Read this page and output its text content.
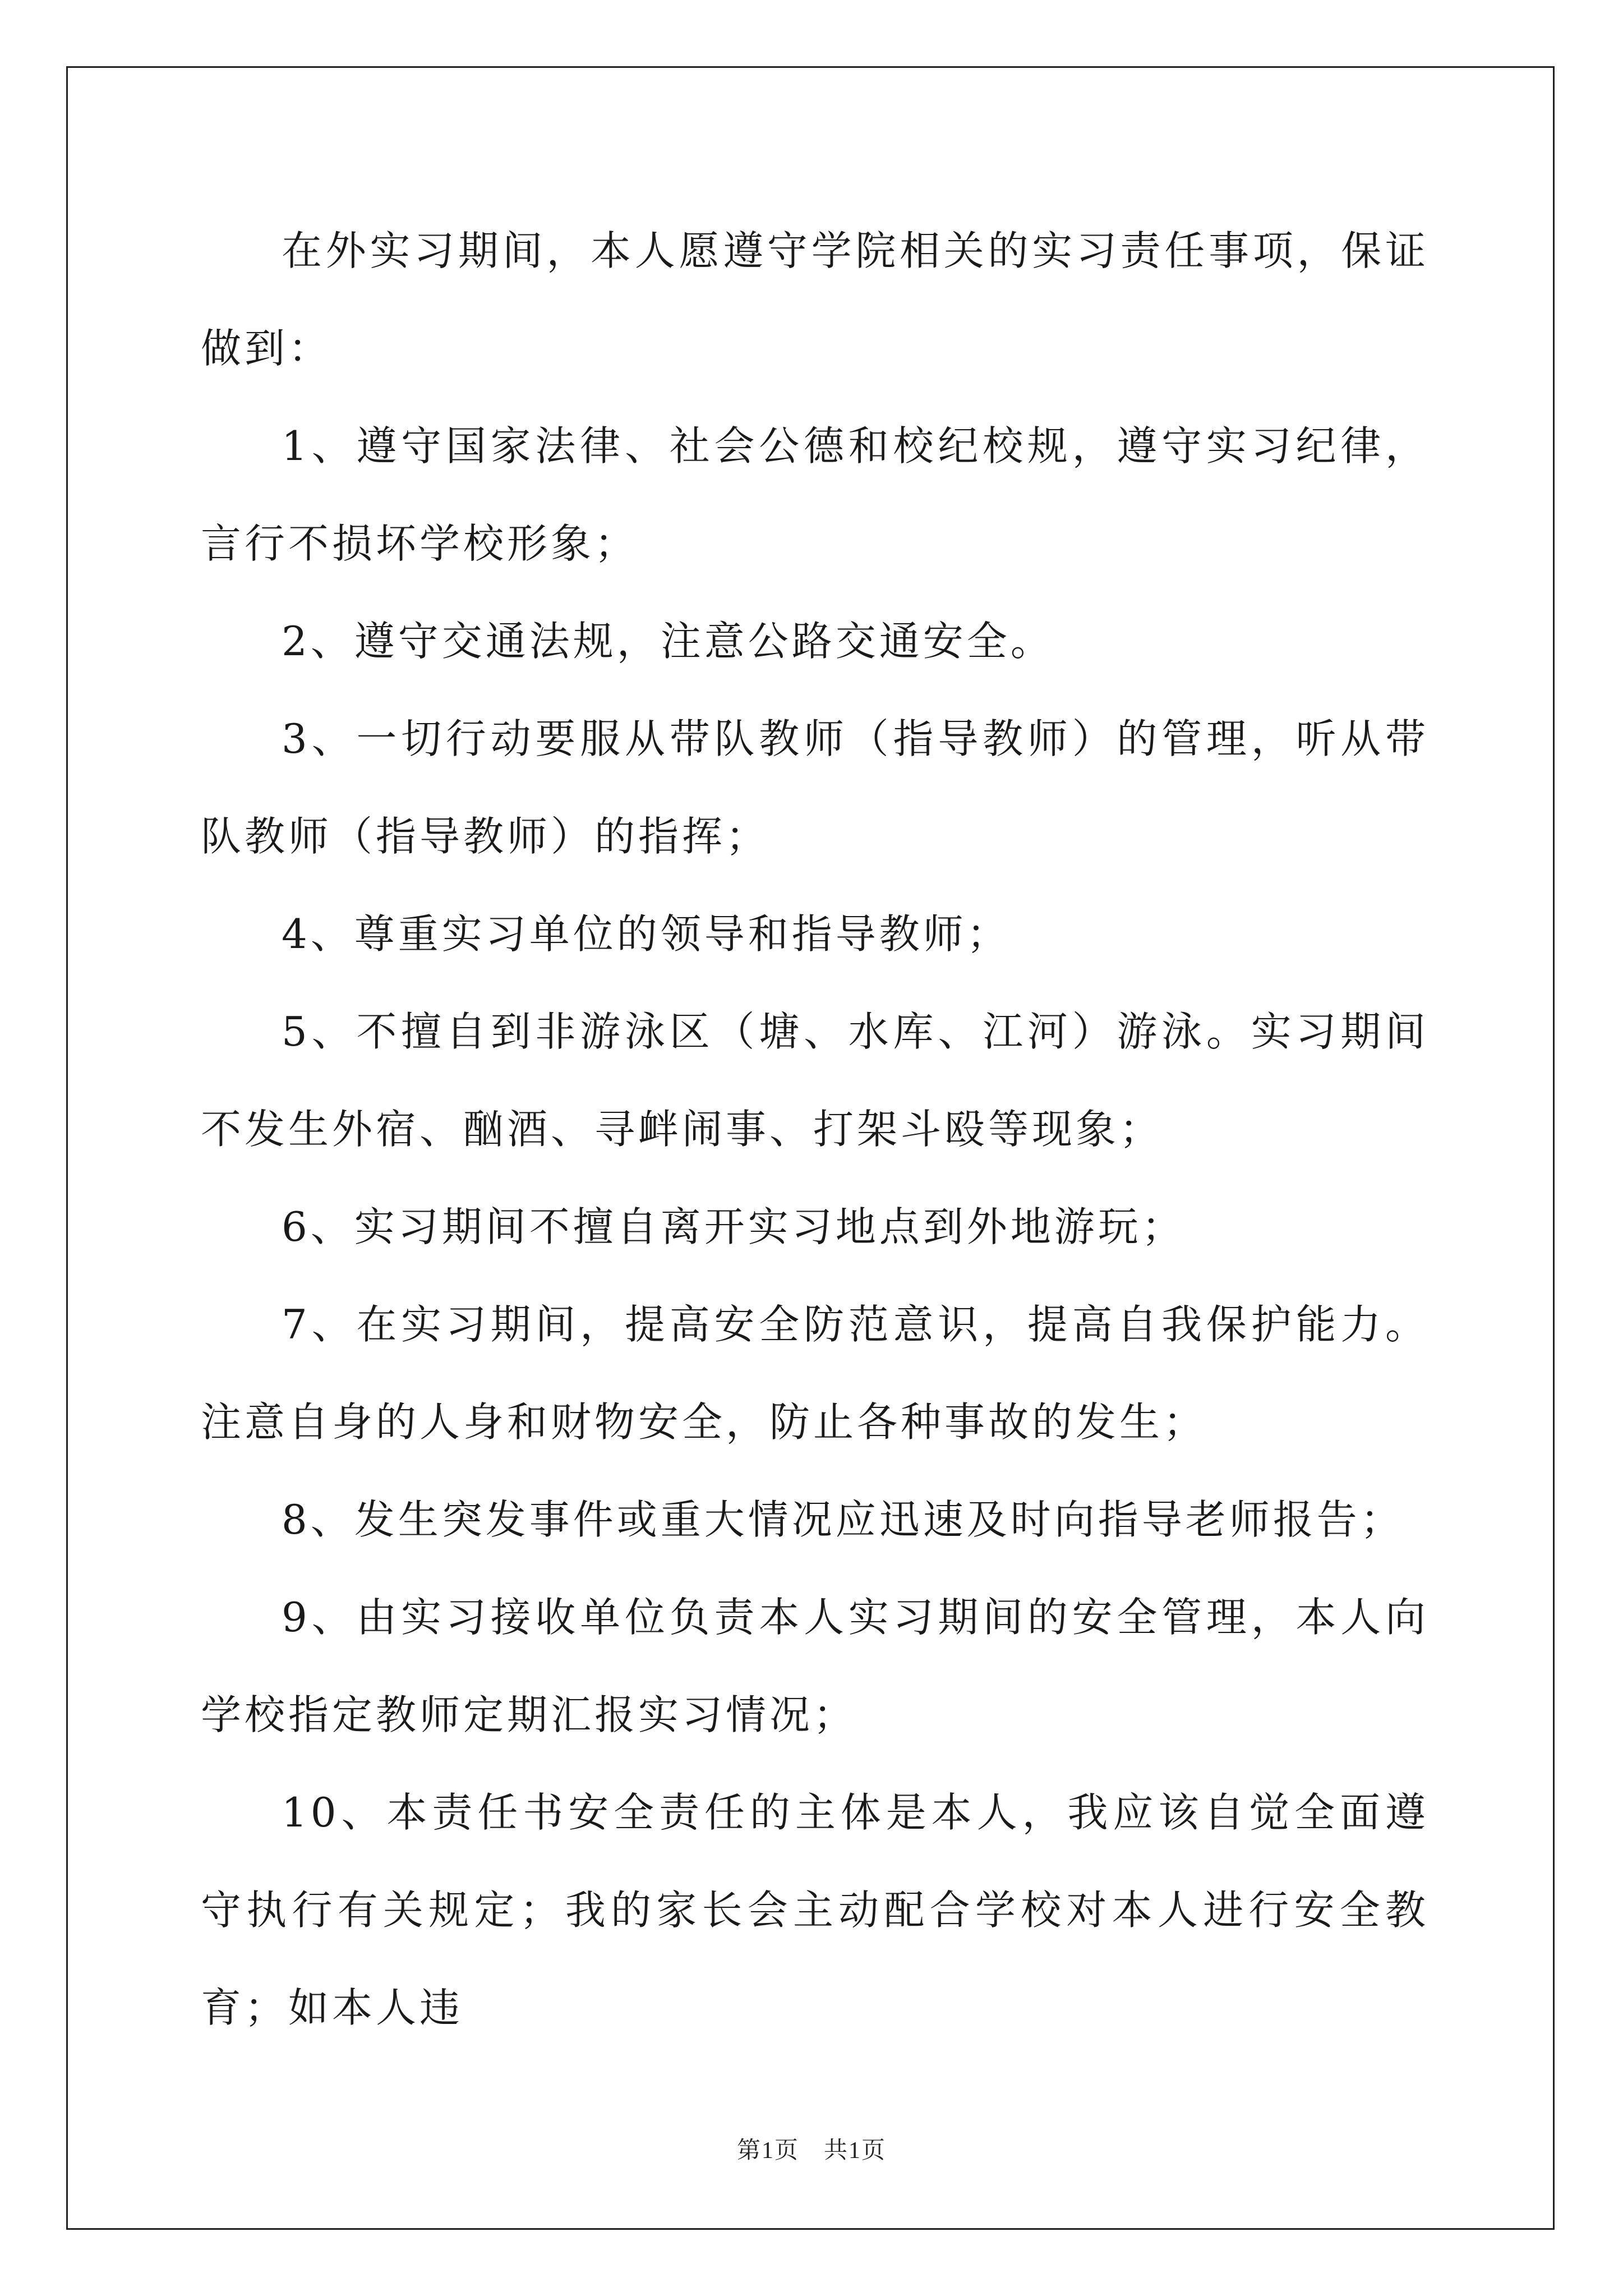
在外实习期间，本人愿遵守学院相关的实习责任事项，保证做到：

1、遵守国家法律、社会公德和校纪校规，遵守实习纪律，言行不损坏学校形象；

2、遵守交通法规，注意公路交通安全。

3、一切行动要服从带队教师（指导教师）的管理，听从带队教师（指导教师）的指挥；

4、尊重实习单位的领导和指导教师；

5、不擅自到非游泳区（塘、水库、江河）游泳。实习期间不发生外宿、酗酒、寻衅闹事、打架斗殴等现象；

6、实习期间不擅自离开实习地点到外地游玩；

7、在实习期间，提高安全防范意识，提高自我保护能力。注意自身的人身和财物安全，防止各种事故的发生；

8、发生突发事件或重大情况应迅速及时向指导老师报告；

9、由实习接收单位负责本人实习期间的安全管理，本人向学校指定教师定期汇报实习情况；

10、本责任书安全责任的主体是本人，我应该自觉全面遵守执行有关规定；我的家长会主动配合学校对本人进行安全教育；如本人违

第1页　共1页
